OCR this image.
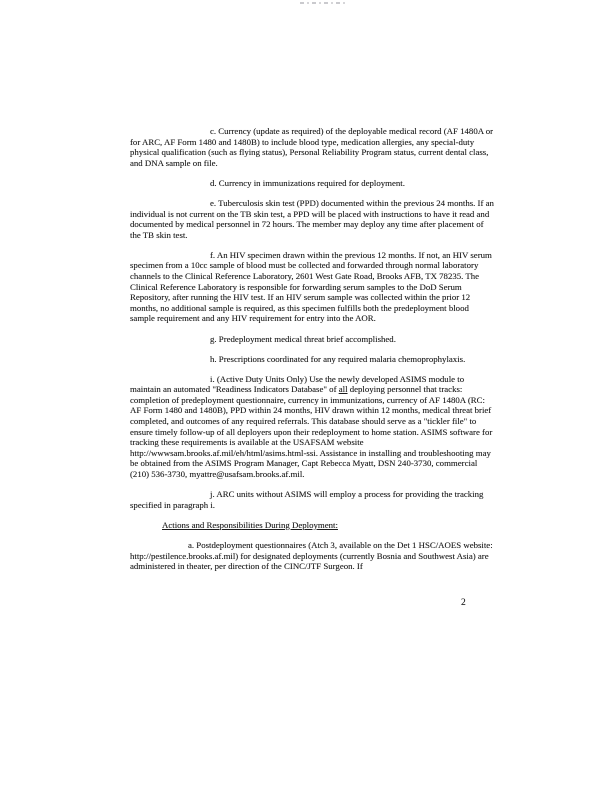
c. Currency (update as required) of the deployable medical record (AF 1480A or for ARC, AF Form 1480 and 1480B) to include blood type, medication allergies, any special-duty physical qualification (such as flying status), Personal Reliability Program status, current dental class, and DNA sample on file.

d. Currency in immunizations required for deployment.

e. Tuberculosis skin test (PPD) documented within the previous 24 months. If an individual is not current on the TB skin test, a PPD will be placed with instructions to have it read and documented by medical personnel in 72 hours. The member may deploy any time after placement of the TB skin test.

f. An HIV specimen drawn within the previous 12 months. If not, an HIV serum specimen from a 10cc sample of blood must be collected and forwarded through normal laboratory channels to the Clinical Reference Laboratory, 2601 West Gate Road, Brooks AFB, TX 78235. The Clinical Reference Laboratory is responsible for forwarding serum samples to the DoD Serum Repository, after running the HIV test. If an HIV serum sample was collected within the prior 12 months, no additional sample is required, as this specimen fulfills both the predeployment blood sample requirement and any HIV requirement for entry into the AOR.

g. Predeployment medical threat brief accomplished.

h. Prescriptions coordinated for any required malaria chemoprophylaxis.

i. (Active Duty Units Only) Use the newly developed ASIMS module to maintain an automated "Readiness Indicators Database" of all deploying personnel that tracks: completion of predeployment questionnaire, currency in immunizations, currency of AF 1480A (RC: AF Form 1480 and 1480B), PPD within 24 months, HIV drawn within 12 months, medical threat brief completed, and outcomes of any required referrals. This database should serve as a "tickler file" to ensure timely follow-up of all deployers upon their redeployment to home station. ASIMS software for tracking these requirements is available at the USAFSAM website http://wwwsam.brooks.af.mil/eh/html/asims.html-ssi. Assistance in installing and troubleshooting may be obtained from the ASIMS Program Manager, Capt Rebecca Myatt, DSN 240-3730, commercial (210) 536-3730, myattre@usafsam.brooks.af.mil.

j. ARC units without ASIMS will employ a process for providing the tracking specified in paragraph i.

Actions and Responsibilities During Deployment:

a. Postdeployment questionnaires (Atch 3, available on the Det 1 HSC/AOES website: http://pestilence.brooks.af.mil) for designated deployments (currently Bosnia and Southwest Asia) are administered in theater, per direction of the CINC/JTF Surgeon. If

2
